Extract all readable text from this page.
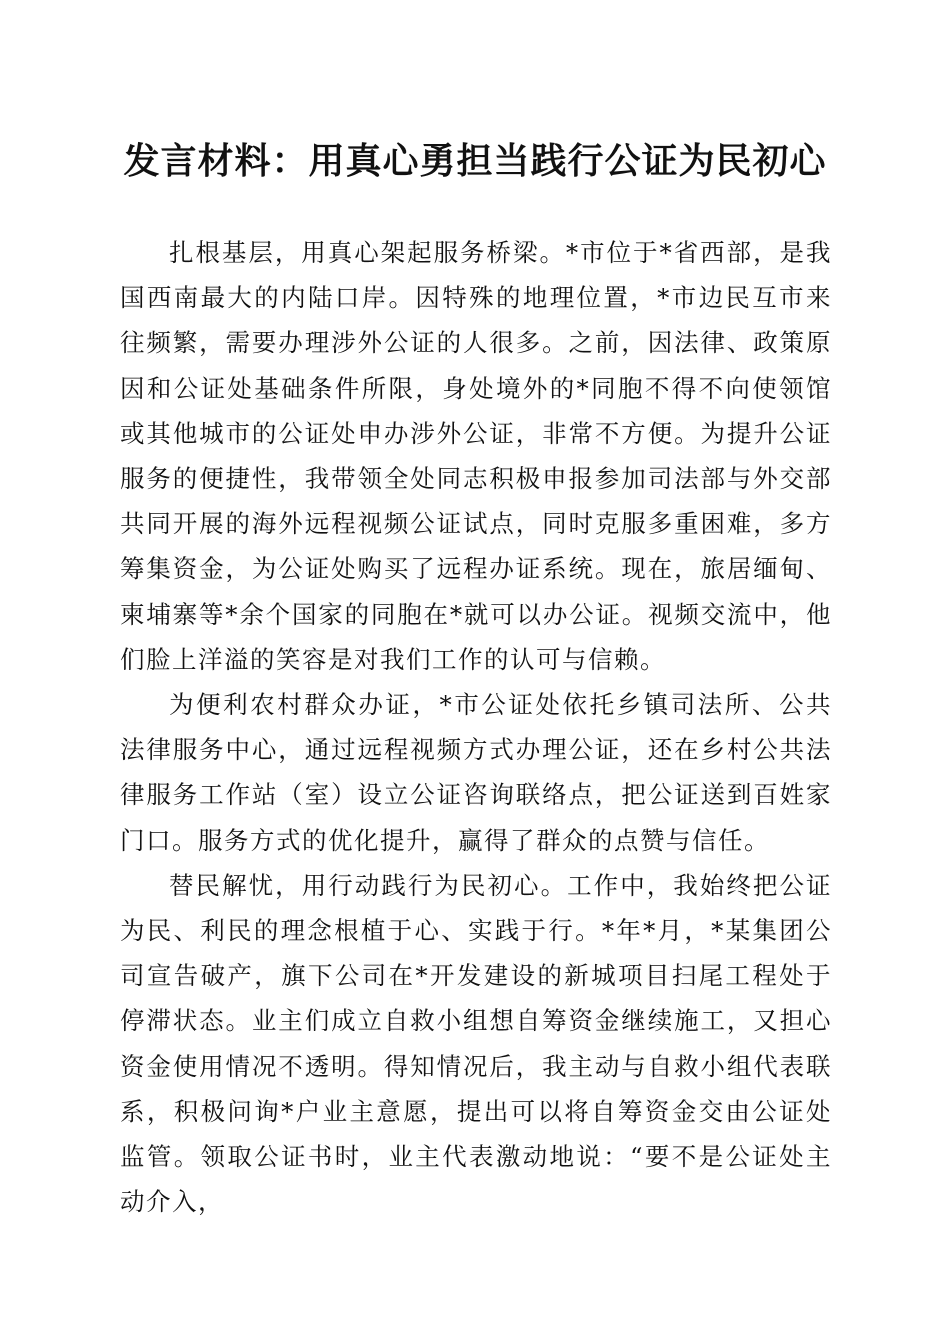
发言材料：用真心勇担当践行公证为民初心

扎根基层，用真心架起服务桥梁。*市位于*省西部，是我国西南最大的内陆口岸。因特殊的地理位置，*市边民互市来往频繁，需要办理涉外公证的人很多。之前，因法律、政策原因和公证处基础条件所限，身处境外的*同胞不得不向使领馆或其他城市的公证处申办涉外公证，非常不方便。为提升公证服务的便捷性，我带领全处同志积极申报参加司法部与外交部共同开展的海外远程视频公证试点，同时克服多重困难，多方筹集资金，为公证处购买了远程办证系统。现在，旅居缅甸、柬埔寨等*余个国家的同胞在*就可以办公证。视频交流中，他们脸上洋溢的笑容是对我们工作的认可与信赖。

为便利农村群众办证，*市公证处依托乡镇司法所、公共法律服务中心，通过远程视频方式办理公证，还在乡村公共法律服务工作站（室）设立公证咨询联络点，把公证送到百姓家门口。服务方式的优化提升，赢得了群众的点赞与信任。

替民解忧，用行动践行为民初心。工作中，我始终把公证为民、利民的理念根植于心、实践于行。*年*月，*某集团公司宣告破产，旗下公司在*开发建设的新城项目扫尾工程处于停滞状态。业主们成立自救小组想自筹资金继续施工，又担心资金使用情况不透明。得知情况后，我主动与自救小组代表联系，积极问询*户业主意愿，提出可以将自筹资金交由公证处监管。领取公证书时，业主代表激动地说：“要不是公证处主动介入，
